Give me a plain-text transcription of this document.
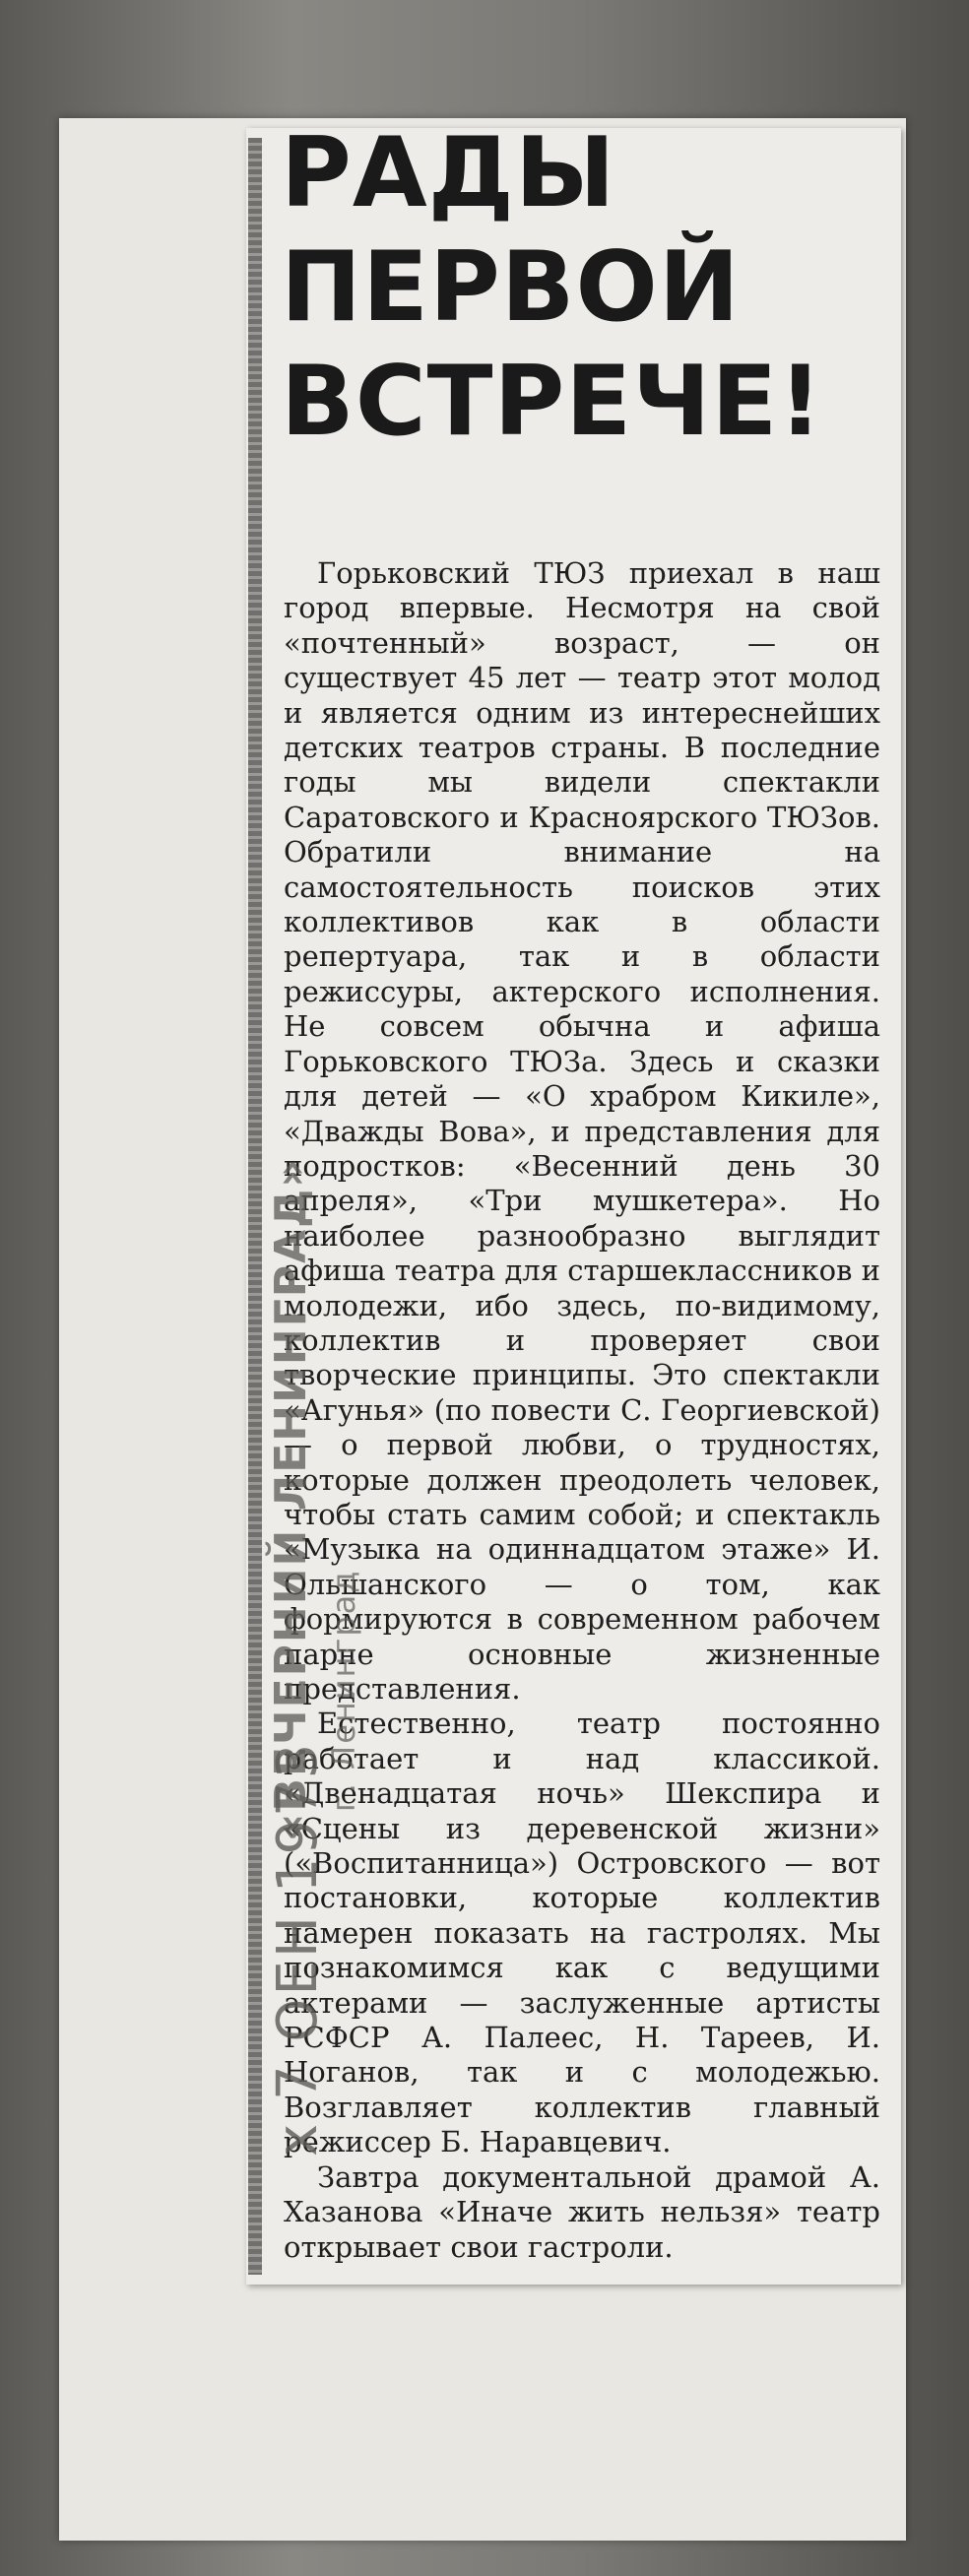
РАДЫ
ПЕРВОЙ
ВСТРЕЧЕ!

Горьковский ТЮЗ приехал в наш город впервые. Несмотря на свой «почтенный» возраст, — он существует 45 лет — театр этот молод и является одним из интереснейших детских театров страны. В последние годы мы видели спектакли Саратовского и Красноярского ТЮЗов. Обратили внимание на самостоятельность поисков этих коллективов как в области репертуара, так и в области режиссуры, актерского исполнения. Не совсем обычна и афиша Горьковского ТЮЗа. Здесь и сказки для детей — «О храбром Кикиле», «Дважды Вова», и представления для подростков: «Весенний день 30 апреля», «Три мушкетера». Но наиболее разнообразно выглядит афиша театра для старшеклассников и молодежи, ибо здесь, по-видимому, коллектив и проверяет свои творческие принципы. Это спектакли «Агунья» (по повести С. Георгиевской) — о первой любви, о трудностях, которые должен преодолеть человек, чтобы стать самим собой; и спектакль «Музыка на одиннадцатом этаже» И. Ольшанского — о том, как формируются в современном рабочем парне основные жизненные представления.

Естественно, театр постоянно работает и над классикой. «Двенадцатая ночь» Шекспира и «Сцены из деревенской жизни» («Воспитанница») Островского — вот постановки, которые коллектив намерен показать на гастролях. Мы познакомимся как с ведущими актерами — заслуженные артисты РСФСР А. Палеес, Н. Тареев, И. Ноганов, так и с молодежью. Возглавляет коллектив главный режиссер Б. Наравцевич.

Завтра документальной драмой А. Хазанова «Иначе жить нельзя» театр открывает свои гастроли.

x 7 ОЕН 1973
«ВЕЧЕРНИЙ ЛЕНИНГРАД» г. Ленинград
